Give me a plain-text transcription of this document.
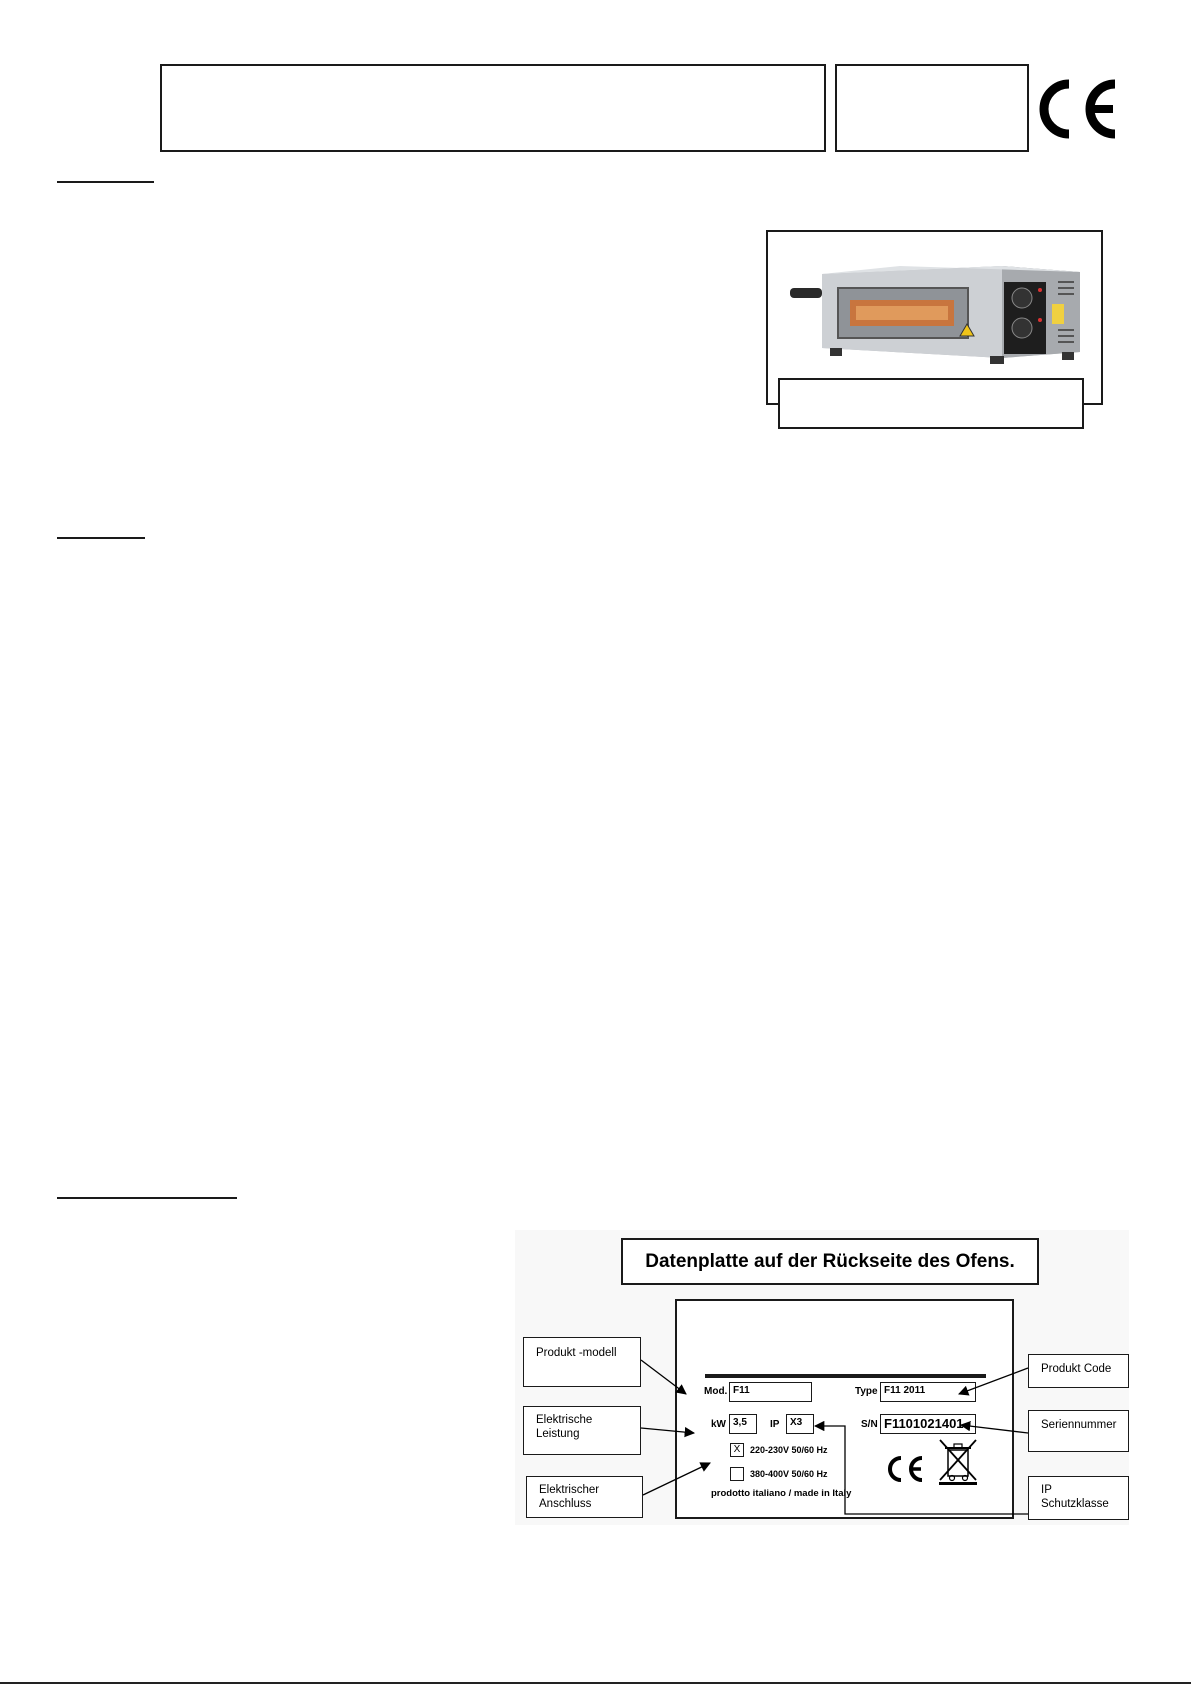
Datenplatte auf der Rückseite des Ofens.
Mod. F11	Type F11 2011
kW 3,5	IP	X3	S/N F1101021401
X	220-230V 50/60 Hz
380-400V 50/60 Hz
prodotto italiano / made in Italy
Produkt -modell
Elektrische
Leistung
Elektrischer
Anschluss
Produkt Code
Seriennummer
IP
Schutzklasse
